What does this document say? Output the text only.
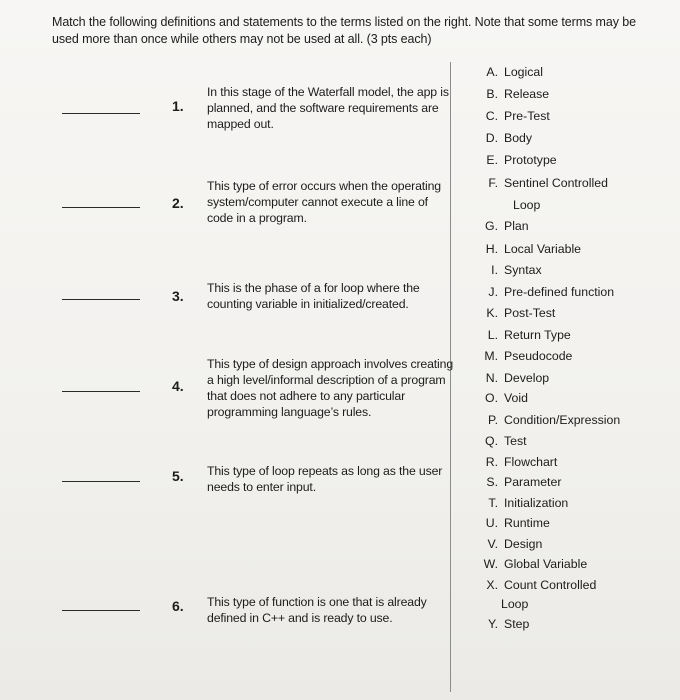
Match the following definitions and statements to the terms listed on the right. Note that some terms may be used more than once while others may not be used at all. (3 pts each)
1.
In this stage of the Waterfall model, the app is planned, and the software requirements are mapped out.
2.
This type of error occurs when the operating system/computer cannot execute a line of code in a program.
3. This is the phase of a for loop where the counting variable in initialized/created.
4.
This type of design approach involves creating a high level/informal description of a program that does not adhere to any particular programming language’s rules.
5. This type of loop repeats as long as the user needs to enter input.
6. This type of function is one that is already defined in C++ and is ready to use.
A. Logical
B. Release
C. Pre-Test
D. Body
E. Prototype
F. Sentinel Controlled
Loop
G. Plan
H. Local Variable
I. Syntax
J. Pre-defined function
K. Post-Test
L. Return Type
M. Pseudocode
N. Develop
O. Void
P. Condition/Expression
Q. Test
R. Flowchart
S. Parameter
T. Initialization
U. Runtime
V. Design
W. Global Variable
X. Count Controlled
Loop
Y. Step
